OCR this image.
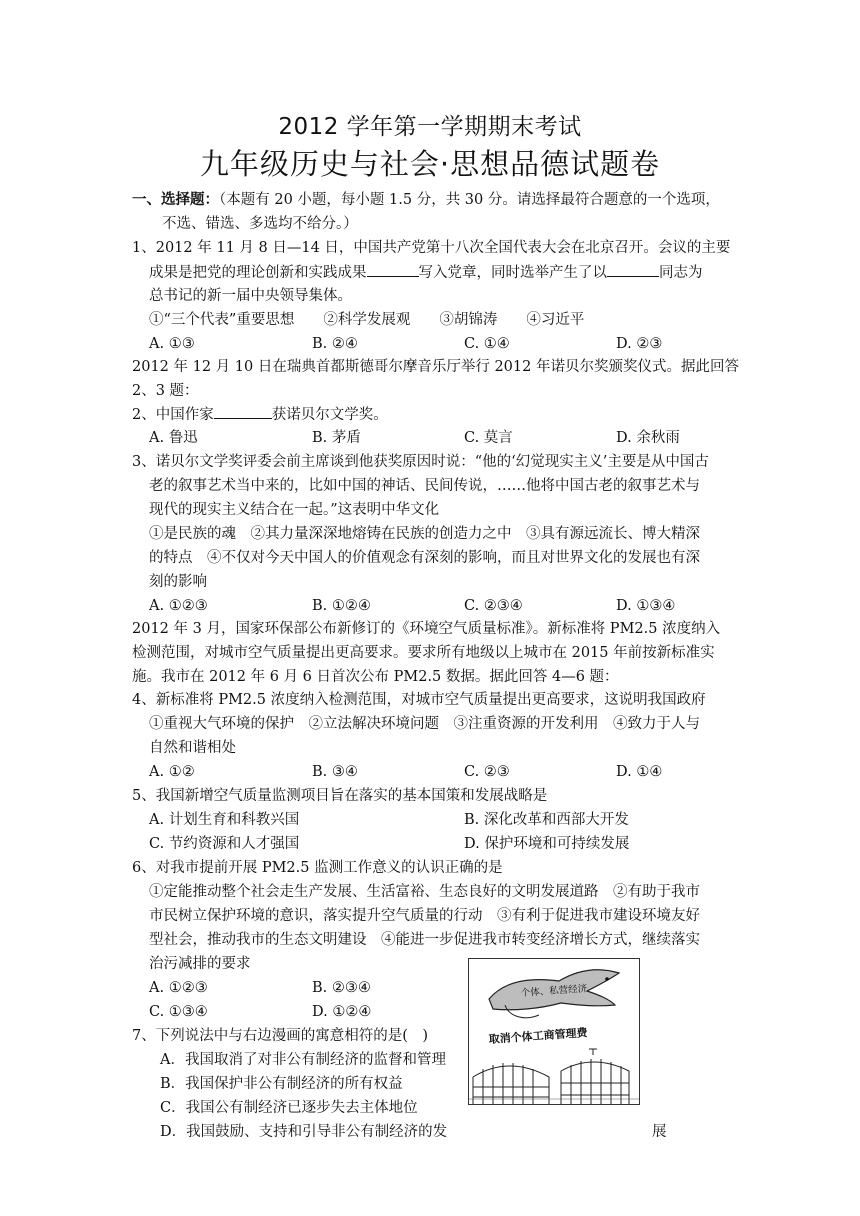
2012 学年第一学期期末考试
九年级历史与社会·思想品德试题卷
一、选择题：（本题有 20 小题，每小题 1.5 分，共 30 分。请选择最符合题意的一个选项，
不选、错选、多选均不给分。）
1、2012 年 11 月 8 日—14 日，中国共产党第十八次全国代表大会在北京召开。会议的主要
成果是把党的理论创新和实践成果	写入党章，同时选举产生了以	同志为
总书记的新一届中央领导集体。
①“三个代表”重要思想　　②科学发展观　　③胡锦涛　　④习近平
A. ①③	B. ②④	C. ①④	D. ②③
2012 年 12 月 10 日在瑞典首都斯德哥尔摩音乐厅举行 2012 年诺贝尔奖颁奖仪式。据此回答
2、3 题：
2、中国作家	获诺贝尔文学奖。
A. 鲁迅	B. 茅盾	C. 莫言	D. 余秋雨
3、诺贝尔文学奖评委会前主席谈到他获奖原因时说：“他的‘幻觉现实主义’主要是从中国古
老的叙事艺术当中来的，比如中国的神话、民间传说，……他将中国古老的叙事艺术与
现代的现实主义结合在一起。”这表明中华文化
①是民族的魂　②其力量深深地熔铸在民族的创造力之中　③具有源远流长、博大精深
的特点　④不仅对今天中国人的价值观念有深刻的影响，而且对世界文化的发展也有深
刻的影响
A. ①②③	B. ①②④	C. ②③④	D. ①③④
2012 年 3 月，国家环保部公布新修订的《环境空气质量标准》。新标准将 PM2.5 浓度纳入
检测范围，对城市空气质量提出更高要求。要求所有地级以上城市在 2015 年前按新标准实
施。我市在 2012 年 6 月 6 日首次公布 PM2.5 数据。据此回答 4—6 题：
4、新标准将 PM2.5 浓度纳入检测范围，对城市空气质量提出更高要求，这说明我国政府
①重视大气环境的保护　②立法解决环境问题　③注重资源的开发利用　④致力于人与
自然和谐相处
A. ①②	B. ③④	C. ②③	D. ①④
5、我国新增空气质量监测项目旨在落实的基本国策和发展战略是
A. 计划生育和科教兴国	B. 深化改革和西部大开发
C. 节约资源和人才强国	D. 保护环境和可持续发展
6、对我市提前开展 PM2.5 监测工作意义的认识正确的是
①定能推动整个社会走生产发展、生活富裕、生态良好的文明发展道路　②有助于我市
市民树立保护环境的意识，落实提升空气质量的行动　③有利于促进我市建设环境友好
型社会，推动我市的生态文明建设　④能进一步促进我市转变经济增长方式，继续落实
治污减排的要求
A. ①②③	B. ②③④
C. ①③④	D. ①②④
7、下列说法中与右边漫画的寓意相符的是(　)
A．我国取消了对非公有制经济的监督和管理
B．我国保护非公有制经济的所有权益
C．我国公有制经济已逐步失去主体地位
D．我国鼓励、支持和引导非公有制经济的发	展
个体、私营经济
取消个体工商管理费
